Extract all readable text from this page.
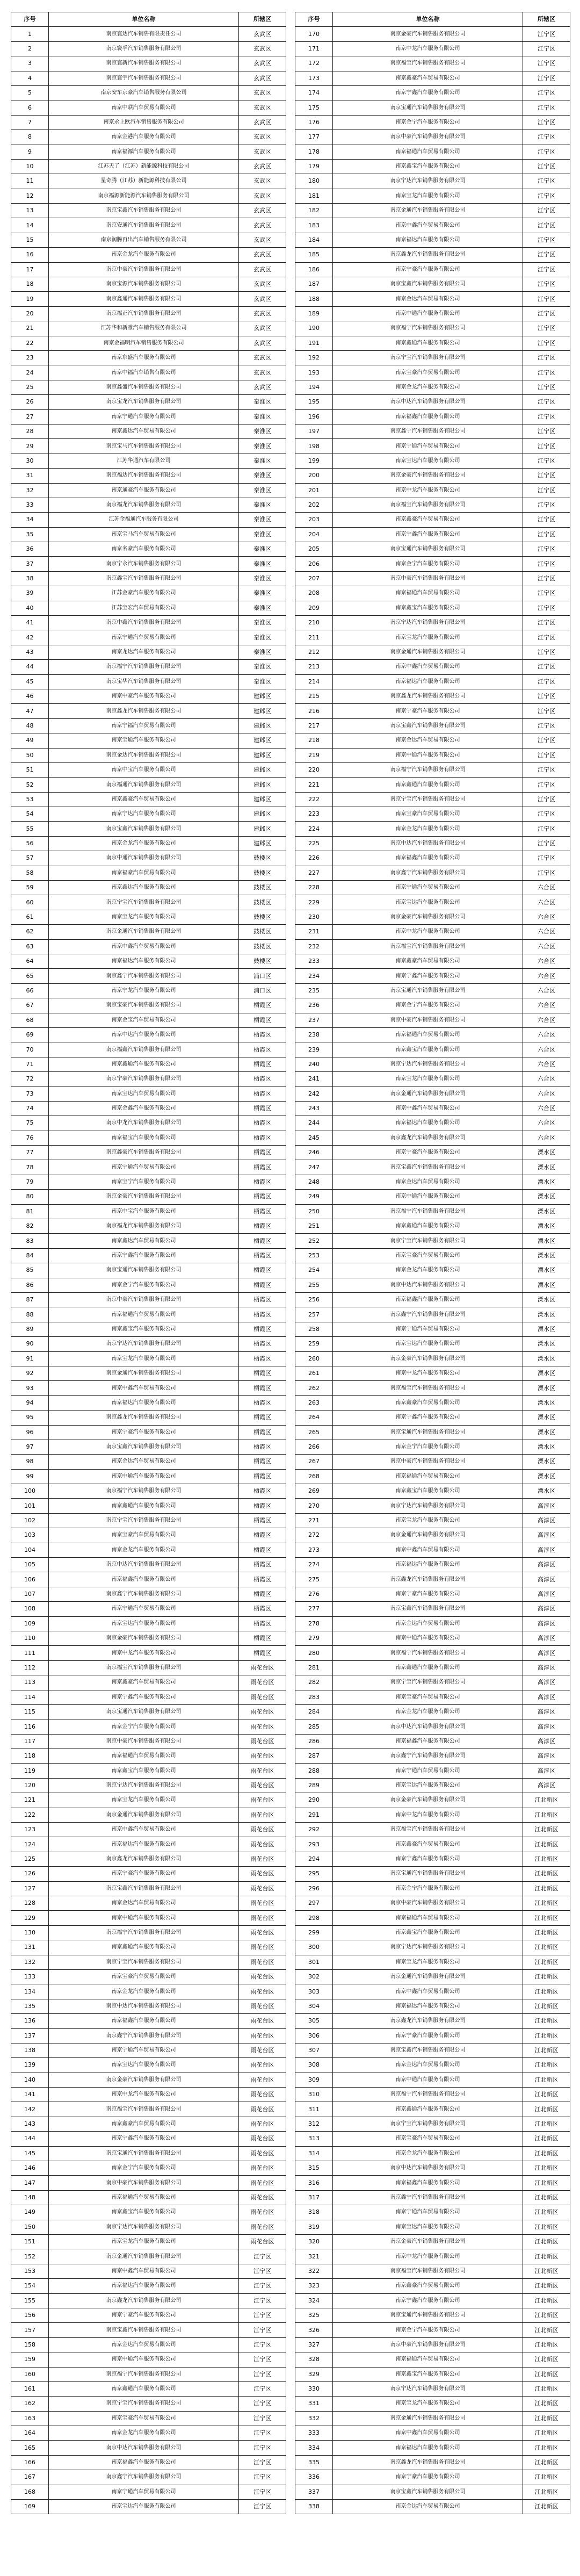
序号	单位名称	所辖区
1	南京寰达汽车销售有限责任公司	玄武区
2	南京寰孚汽车销售服务有限公司	玄武区
3	南京寰新汽车销售服务有限公司	玄武区
4	南京寰宇汽车销售服务有限公司	玄武区
5	南京安车京豪汽车销售服务有限公司	玄武区
6	南京中联汽车贸易有限公司	玄武区
7	南京永上欧汽车销售服务有限公司	玄武区
8	南京金港汽车服务有限公司	玄武区
9	南京福源汽车服务有限公司	玄武区
10	江苏天了（江苏）新能源科技有限公司	玄武区
11	星奇腾（江苏）新能源科技有限公司	玄武区
12	南京福源新能源汽车销售服务有限公司	玄武区
13	南京宝鑫汽车销售服务有限公司	玄武区
14	南京安通汽车销售服务有限公司	玄武区
15	南京润腾再出汽车销售服务有限公司	玄武区
16	南京金龙汽车服务有限公司	玄武区
17	南京中豪汽车销售服务有限公司	玄武区
18	南京宝源汽车销售服务有限公司	玄武区
19	南京鑫通汽车销售服务有限公司	玄武区
20	南京福正汽车销售服务有限公司	玄武区
21	江苏华和新雅汽车销售服务有限公司	玄武区
22	南京金福明汽车销售服务有限公司	玄武区
23	南京东盛汽车服务有限公司	玄武区
24	南京中福汽车销售有限公司	玄武区
25	南京鑫盛汽车销售服务有限公司	玄武区
26	南京宝龙汽车销售服务有限公司	秦淮区
27	南京宁通汽车服务有限公司	秦淮区
28	南京鑫达汽车贸易有限公司	秦淮区
29	南京宝马汽车销售服务有限公司	秦淮区
30	江苏华通汽车有限公司	秦淮区
31	南京福达汽车销售服务有限公司	秦淮区
32	南京通豪汽车服务有限公司	秦淮区
33	南京福龙汽车销售服务有限公司	秦淮区
34	江苏金福通汽车服务有限公司	秦淮区
35	南京宝马汽车贸易有限公司	秦淮区
36	南京名豪汽车服务有限公司	秦淮区
37	南京宁永汽车销售服务有限公司	秦淮区
38	南京鑫宝汽车销售服务有限公司	秦淮区
39	江苏金豪汽车服务有限公司	秦淮区
40	江苏宝宏汽车贸易有限公司	秦淮区
41	南京中鑫汽车销售服务有限公司	秦淮区
42	南京宁通汽车贸易有限公司	秦淮区
43	南京龙达汽车服务有限公司	秦淮区
44	南京福宁汽车销售服务有限公司	秦淮区
45	南京宝华汽车销售服务有限公司	秦淮区
46	南京中豪汽车服务有限公司	建邺区
47	南京鑫龙汽车销售服务有限公司	建邺区
48	南京宁福汽车贸易有限公司	建邺区
49	南京宝通汽车服务有限公司	建邺区
50	南京金达汽车销售服务有限公司	建邺区
51	南京中宝汽车服务有限公司	建邺区
52	南京福通汽车销售服务有限公司	建邺区
53	南京鑫豪汽车贸易有限公司	建邺区
54	南京宁达汽车服务有限公司	建邺区
55	南京宝鑫汽车销售服务有限公司	建邺区
56	南京金龙汽车服务有限公司	建邺区
57	南京中通汽车销售服务有限公司	鼓楼区
58	南京福豪汽车贸易有限公司	鼓楼区
59	南京鑫达汽车服务有限公司	鼓楼区
60	南京宁宝汽车销售服务有限公司	鼓楼区
61	南京宝龙汽车服务有限公司	鼓楼区
62	南京金通汽车销售服务有限公司	鼓楼区
63	南京中鑫汽车贸易有限公司	鼓楼区
64	南京福达汽车服务有限公司	鼓楼区
65	南京鑫宁汽车销售服务有限公司	浦口区
66	南京宁龙汽车服务有限公司	浦口区
67	南京宝豪汽车销售服务有限公司	栖霞区
68	南京金宝汽车贸易有限公司	栖霞区
69	南京中达汽车服务有限公司	栖霞区
70	南京福鑫汽车销售服务有限公司	栖霞区
71	南京鑫通汽车服务有限公司	栖霞区
72	南京宁豪汽车销售服务有限公司	栖霞区
73	南京宝达汽车贸易有限公司	栖霞区
74	南京金鑫汽车服务有限公司	栖霞区
75	南京中龙汽车销售服务有限公司	栖霞区
76	南京福宝汽车服务有限公司	栖霞区
77	南京鑫豪汽车销售服务有限公司	栖霞区
78	南京宁通汽车贸易有限公司	栖霞区
79	南京宝宁汽车服务有限公司	栖霞区
80	南京金豪汽车销售服务有限公司	栖霞区
81	南京中宝汽车服务有限公司	栖霞区
82	南京福龙汽车销售服务有限公司	栖霞区
83	南京鑫达汽车贸易有限公司	栖霞区
84	南京宁鑫汽车服务有限公司	栖霞区
85	南京宝通汽车销售服务有限公司	栖霞区
86	南京金宁汽车服务有限公司	栖霞区
87	南京中豪汽车销售服务有限公司	栖霞区
88	南京福通汽车贸易有限公司	栖霞区
89	南京鑫宝汽车服务有限公司	栖霞区
90	南京宁达汽车销售服务有限公司	栖霞区
91	南京宝龙汽车服务有限公司	栖霞区
92	南京金通汽车销售服务有限公司	栖霞区
93	南京中鑫汽车贸易有限公司	栖霞区
94	南京福达汽车服务有限公司	栖霞区
95	南京鑫龙汽车销售服务有限公司	栖霞区
96	南京宁豪汽车服务有限公司	栖霞区
97	南京宝鑫汽车销售服务有限公司	栖霞区
98	南京金达汽车贸易有限公司	栖霞区
99	南京中通汽车服务有限公司	栖霞区
100	南京福宁汽车销售服务有限公司	栖霞区
101	南京鑫通汽车服务有限公司	栖霞区
102	南京宁宝汽车销售服务有限公司	栖霞区
103	南京宝豪汽车贸易有限公司	栖霞区
104	南京金龙汽车服务有限公司	栖霞区
105	南京中达汽车销售服务有限公司	栖霞区
106	南京福鑫汽车服务有限公司	栖霞区
107	南京鑫宁汽车销售服务有限公司	栖霞区
108	南京宁通汽车贸易有限公司	栖霞区
109	南京宝达汽车服务有限公司	栖霞区
110	南京金豪汽车销售服务有限公司	栖霞区
111	南京中龙汽车服务有限公司	栖霞区
112	南京福宝汽车销售服务有限公司	雨花台区
113	南京鑫豪汽车贸易有限公司	雨花台区
114	南京宁鑫汽车服务有限公司	雨花台区
115	南京宝通汽车销售服务有限公司	雨花台区
116	南京金宁汽车服务有限公司	雨花台区
117	南京中豪汽车销售服务有限公司	雨花台区
118	南京福通汽车贸易有限公司	雨花台区
119	南京鑫宝汽车服务有限公司	雨花台区
120	南京宁达汽车销售服务有限公司	雨花台区
121	南京宝龙汽车服务有限公司	雨花台区
122	南京金通汽车销售服务有限公司	雨花台区
123	南京中鑫汽车贸易有限公司	雨花台区
124	南京福达汽车服务有限公司	雨花台区
125	南京鑫龙汽车销售服务有限公司	雨花台区
126	南京宁豪汽车服务有限公司	雨花台区
127	南京宝鑫汽车销售服务有限公司	雨花台区
128	南京金达汽车贸易有限公司	雨花台区
129	南京中通汽车服务有限公司	雨花台区
130	南京福宁汽车销售服务有限公司	雨花台区
131	南京鑫通汽车服务有限公司	雨花台区
132	南京宁宝汽车销售服务有限公司	雨花台区
133	南京宝豪汽车贸易有限公司	雨花台区
134	南京金龙汽车服务有限公司	雨花台区
135	南京中达汽车销售服务有限公司	雨花台区
136	南京福鑫汽车服务有限公司	雨花台区
137	南京鑫宁汽车销售服务有限公司	雨花台区
138	南京宁通汽车贸易有限公司	雨花台区
139	南京宝达汽车服务有限公司	雨花台区
140	南京金豪汽车销售服务有限公司	雨花台区
141	南京中龙汽车服务有限公司	雨花台区
142	南京福宝汽车销售服务有限公司	雨花台区
143	南京鑫豪汽车贸易有限公司	雨花台区
144	南京宁鑫汽车服务有限公司	雨花台区
145	南京宝通汽车销售服务有限公司	雨花台区
146	南京金宁汽车服务有限公司	雨花台区
147	南京中豪汽车销售服务有限公司	雨花台区
148	南京福通汽车贸易有限公司	雨花台区
149	南京鑫宝汽车服务有限公司	雨花台区
150	南京宁达汽车销售服务有限公司	雨花台区
151	南京宝龙汽车服务有限公司	雨花台区
152	南京金通汽车销售服务有限公司	江宁区
153	南京中鑫汽车贸易有限公司	江宁区
154	南京福达汽车服务有限公司	江宁区
155	南京鑫龙汽车销售服务有限公司	江宁区
156	南京宁豪汽车服务有限公司	江宁区
157	南京宝鑫汽车销售服务有限公司	江宁区
158	南京金达汽车贸易有限公司	江宁区
159	南京中通汽车服务有限公司	江宁区
160	南京福宁汽车销售服务有限公司	江宁区
161	南京鑫通汽车服务有限公司	江宁区
162	南京宁宝汽车销售服务有限公司	江宁区
163	南京宝豪汽车贸易有限公司	江宁区
164	南京金龙汽车服务有限公司	江宁区
165	南京中达汽车销售服务有限公司	江宁区
166	南京福鑫汽车服务有限公司	江宁区
167	南京鑫宁汽车销售服务有限公司	江宁区
168	南京宁通汽车贸易有限公司	江宁区
169	南京宝达汽车服务有限公司	江宁区
序号	单位名称	所辖区
170	南京金豪汽车销售服务有限公司	江宁区
171	南京中龙汽车服务有限公司	江宁区
172	南京福宝汽车销售服务有限公司	江宁区
173	南京鑫豪汽车贸易有限公司	江宁区
174	南京宁鑫汽车服务有限公司	江宁区
175	南京宝通汽车销售服务有限公司	江宁区
176	南京金宁汽车服务有限公司	江宁区
177	南京中豪汽车销售服务有限公司	江宁区
178	南京福通汽车贸易有限公司	江宁区
179	南京鑫宝汽车服务有限公司	江宁区
180	南京宁达汽车销售服务有限公司	江宁区
181	南京宝龙汽车服务有限公司	江宁区
182	南京金通汽车销售服务有限公司	江宁区
183	南京中鑫汽车贸易有限公司	江宁区
184	南京福达汽车服务有限公司	江宁区
185	南京鑫龙汽车销售服务有限公司	江宁区
186	南京宁豪汽车服务有限公司	江宁区
187	南京宝鑫汽车销售服务有限公司	江宁区
188	南京金达汽车贸易有限公司	江宁区
189	南京中通汽车服务有限公司	江宁区
190	南京福宁汽车销售服务有限公司	江宁区
191	南京鑫通汽车服务有限公司	江宁区
192	南京宁宝汽车销售服务有限公司	江宁区
193	南京宝豪汽车贸易有限公司	江宁区
194	南京金龙汽车服务有限公司	江宁区
195	南京中达汽车销售服务有限公司	江宁区
196	南京福鑫汽车服务有限公司	江宁区
197	南京鑫宁汽车销售服务有限公司	江宁区
198	南京宁通汽车贸易有限公司	江宁区
199	南京宝达汽车服务有限公司	江宁区
200	南京金豪汽车销售服务有限公司	江宁区
201	南京中龙汽车服务有限公司	江宁区
202	南京福宝汽车销售服务有限公司	江宁区
203	南京鑫豪汽车贸易有限公司	江宁区
204	南京宁鑫汽车服务有限公司	江宁区
205	南京宝通汽车销售服务有限公司	江宁区
206	南京金宁汽车服务有限公司	江宁区
207	南京中豪汽车销售服务有限公司	江宁区
208	南京福通汽车贸易有限公司	江宁区
209	南京鑫宝汽车服务有限公司	江宁区
210	南京宁达汽车销售服务有限公司	江宁区
211	南京宝龙汽车服务有限公司	江宁区
212	南京金通汽车销售服务有限公司	江宁区
213	南京中鑫汽车贸易有限公司	江宁区
214	南京福达汽车服务有限公司	江宁区
215	南京鑫龙汽车销售服务有限公司	江宁区
216	南京宁豪汽车服务有限公司	江宁区
217	南京宝鑫汽车销售服务有限公司	江宁区
218	南京金达汽车贸易有限公司	江宁区
219	南京中通汽车服务有限公司	江宁区
220	南京福宁汽车销售服务有限公司	江宁区
221	南京鑫通汽车服务有限公司	江宁区
222	南京宁宝汽车销售服务有限公司	江宁区
223	南京宝豪汽车贸易有限公司	江宁区
224	南京金龙汽车服务有限公司	江宁区
225	南京中达汽车销售服务有限公司	江宁区
226	南京福鑫汽车服务有限公司	江宁区
227	南京鑫宁汽车销售服务有限公司	江宁区
228	南京宁通汽车贸易有限公司	六合区
229	南京宝达汽车服务有限公司	六合区
230	南京金豪汽车销售服务有限公司	六合区
231	南京中龙汽车服务有限公司	六合区
232	南京福宝汽车销售服务有限公司	六合区
233	南京鑫豪汽车贸易有限公司	六合区
234	南京宁鑫汽车服务有限公司	六合区
235	南京宝通汽车销售服务有限公司	六合区
236	南京金宁汽车服务有限公司	六合区
237	南京中豪汽车销售服务有限公司	六合区
238	南京福通汽车贸易有限公司	六合区
239	南京鑫宝汽车服务有限公司	六合区
240	南京宁达汽车销售服务有限公司	六合区
241	南京宝龙汽车服务有限公司	六合区
242	南京金通汽车销售服务有限公司	六合区
243	南京中鑫汽车贸易有限公司	六合区
244	南京福达汽车服务有限公司	六合区
245	南京鑫龙汽车销售服务有限公司	六合区
246	南京宁豪汽车服务有限公司	溧水区
247	南京宝鑫汽车销售服务有限公司	溧水区
248	南京金达汽车贸易有限公司	溧水区
249	南京中通汽车服务有限公司	溧水区
250	南京福宁汽车销售服务有限公司	溧水区
251	南京鑫通汽车服务有限公司	溧水区
252	南京宁宝汽车销售服务有限公司	溧水区
253	南京宝豪汽车贸易有限公司	溧水区
254	南京金龙汽车服务有限公司	溧水区
255	南京中达汽车销售服务有限公司	溧水区
256	南京福鑫汽车服务有限公司	溧水区
257	南京鑫宁汽车销售服务有限公司	溧水区
258	南京宁通汽车贸易有限公司	溧水区
259	南京宝达汽车服务有限公司	溧水区
260	南京金豪汽车销售服务有限公司	溧水区
261	南京中龙汽车服务有限公司	溧水区
262	南京福宝汽车销售服务有限公司	溧水区
263	南京鑫豪汽车贸易有限公司	溧水区
264	南京宁鑫汽车服务有限公司	溧水区
265	南京宝通汽车销售服务有限公司	溧水区
266	南京金宁汽车服务有限公司	溧水区
267	南京中豪汽车销售服务有限公司	溧水区
268	南京福通汽车贸易有限公司	溧水区
269	南京鑫宝汽车服务有限公司	溧水区
270	南京宁达汽车销售服务有限公司	高淳区
271	南京宝龙汽车服务有限公司	高淳区
272	南京金通汽车销售服务有限公司	高淳区
273	南京中鑫汽车贸易有限公司	高淳区
274	南京福达汽车服务有限公司	高淳区
275	南京鑫龙汽车销售服务有限公司	高淳区
276	南京宁豪汽车服务有限公司	高淳区
277	南京宝鑫汽车销售服务有限公司	高淳区
278	南京金达汽车贸易有限公司	高淳区
279	南京中通汽车服务有限公司	高淳区
280	南京福宁汽车销售服务有限公司	高淳区
281	南京鑫通汽车服务有限公司	高淳区
282	南京宁宝汽车销售服务有限公司	高淳区
283	南京宝豪汽车贸易有限公司	高淳区
284	南京金龙汽车服务有限公司	高淳区
285	南京中达汽车销售服务有限公司	高淳区
286	南京福鑫汽车服务有限公司	高淳区
287	南京鑫宁汽车销售服务有限公司	高淳区
288	南京宁通汽车贸易有限公司	高淳区
289	南京宝达汽车服务有限公司	高淳区
290	南京金豪汽车销售服务有限公司	江北新区
291	南京中龙汽车服务有限公司	江北新区
292	南京福宝汽车销售服务有限公司	江北新区
293	南京鑫豪汽车贸易有限公司	江北新区
294	南京宁鑫汽车服务有限公司	江北新区
295	南京宝通汽车销售服务有限公司	江北新区
296	南京金宁汽车服务有限公司	江北新区
297	南京中豪汽车销售服务有限公司	江北新区
298	南京福通汽车贸易有限公司	江北新区
299	南京鑫宝汽车服务有限公司	江北新区
300	南京宁达汽车销售服务有限公司	江北新区
301	南京宝龙汽车服务有限公司	江北新区
302	南京金通汽车销售服务有限公司	江北新区
303	南京中鑫汽车贸易有限公司	江北新区
304	南京福达汽车服务有限公司	江北新区
305	南京鑫龙汽车销售服务有限公司	江北新区
306	南京宁豪汽车服务有限公司	江北新区
307	南京宝鑫汽车销售服务有限公司	江北新区
308	南京金达汽车贸易有限公司	江北新区
309	南京中通汽车服务有限公司	江北新区
310	南京福宁汽车销售服务有限公司	江北新区
311	南京鑫通汽车服务有限公司	江北新区
312	南京宁宝汽车销售服务有限公司	江北新区
313	南京宝豪汽车贸易有限公司	江北新区
314	南京金龙汽车服务有限公司	江北新区
315	南京中达汽车销售服务有限公司	江北新区
316	南京福鑫汽车服务有限公司	江北新区
317	南京鑫宁汽车销售服务有限公司	江北新区
318	南京宁通汽车贸易有限公司	江北新区
319	南京宝达汽车服务有限公司	江北新区
320	南京金豪汽车销售服务有限公司	江北新区
321	南京中龙汽车服务有限公司	江北新区
322	南京福宝汽车销售服务有限公司	江北新区
323	南京鑫豪汽车贸易有限公司	江北新区
324	南京宁鑫汽车服务有限公司	江北新区
325	南京宝通汽车销售服务有限公司	江北新区
326	南京金宁汽车服务有限公司	江北新区
327	南京中豪汽车销售服务有限公司	江北新区
328	南京福通汽车贸易有限公司	江北新区
329	南京鑫宝汽车服务有限公司	江北新区
330	南京宁达汽车销售服务有限公司	江北新区
331	南京宝龙汽车服务有限公司	江北新区
332	南京金通汽车销售服务有限公司	江北新区
333	南京中鑫汽车贸易有限公司	江北新区
334	南京福达汽车服务有限公司	江北新区
335	南京鑫龙汽车销售服务有限公司	江北新区
336	南京宁豪汽车服务有限公司	江北新区
337	南京宝鑫汽车销售服务有限公司	江北新区
338	南京金达汽车贸易有限公司	江北新区
